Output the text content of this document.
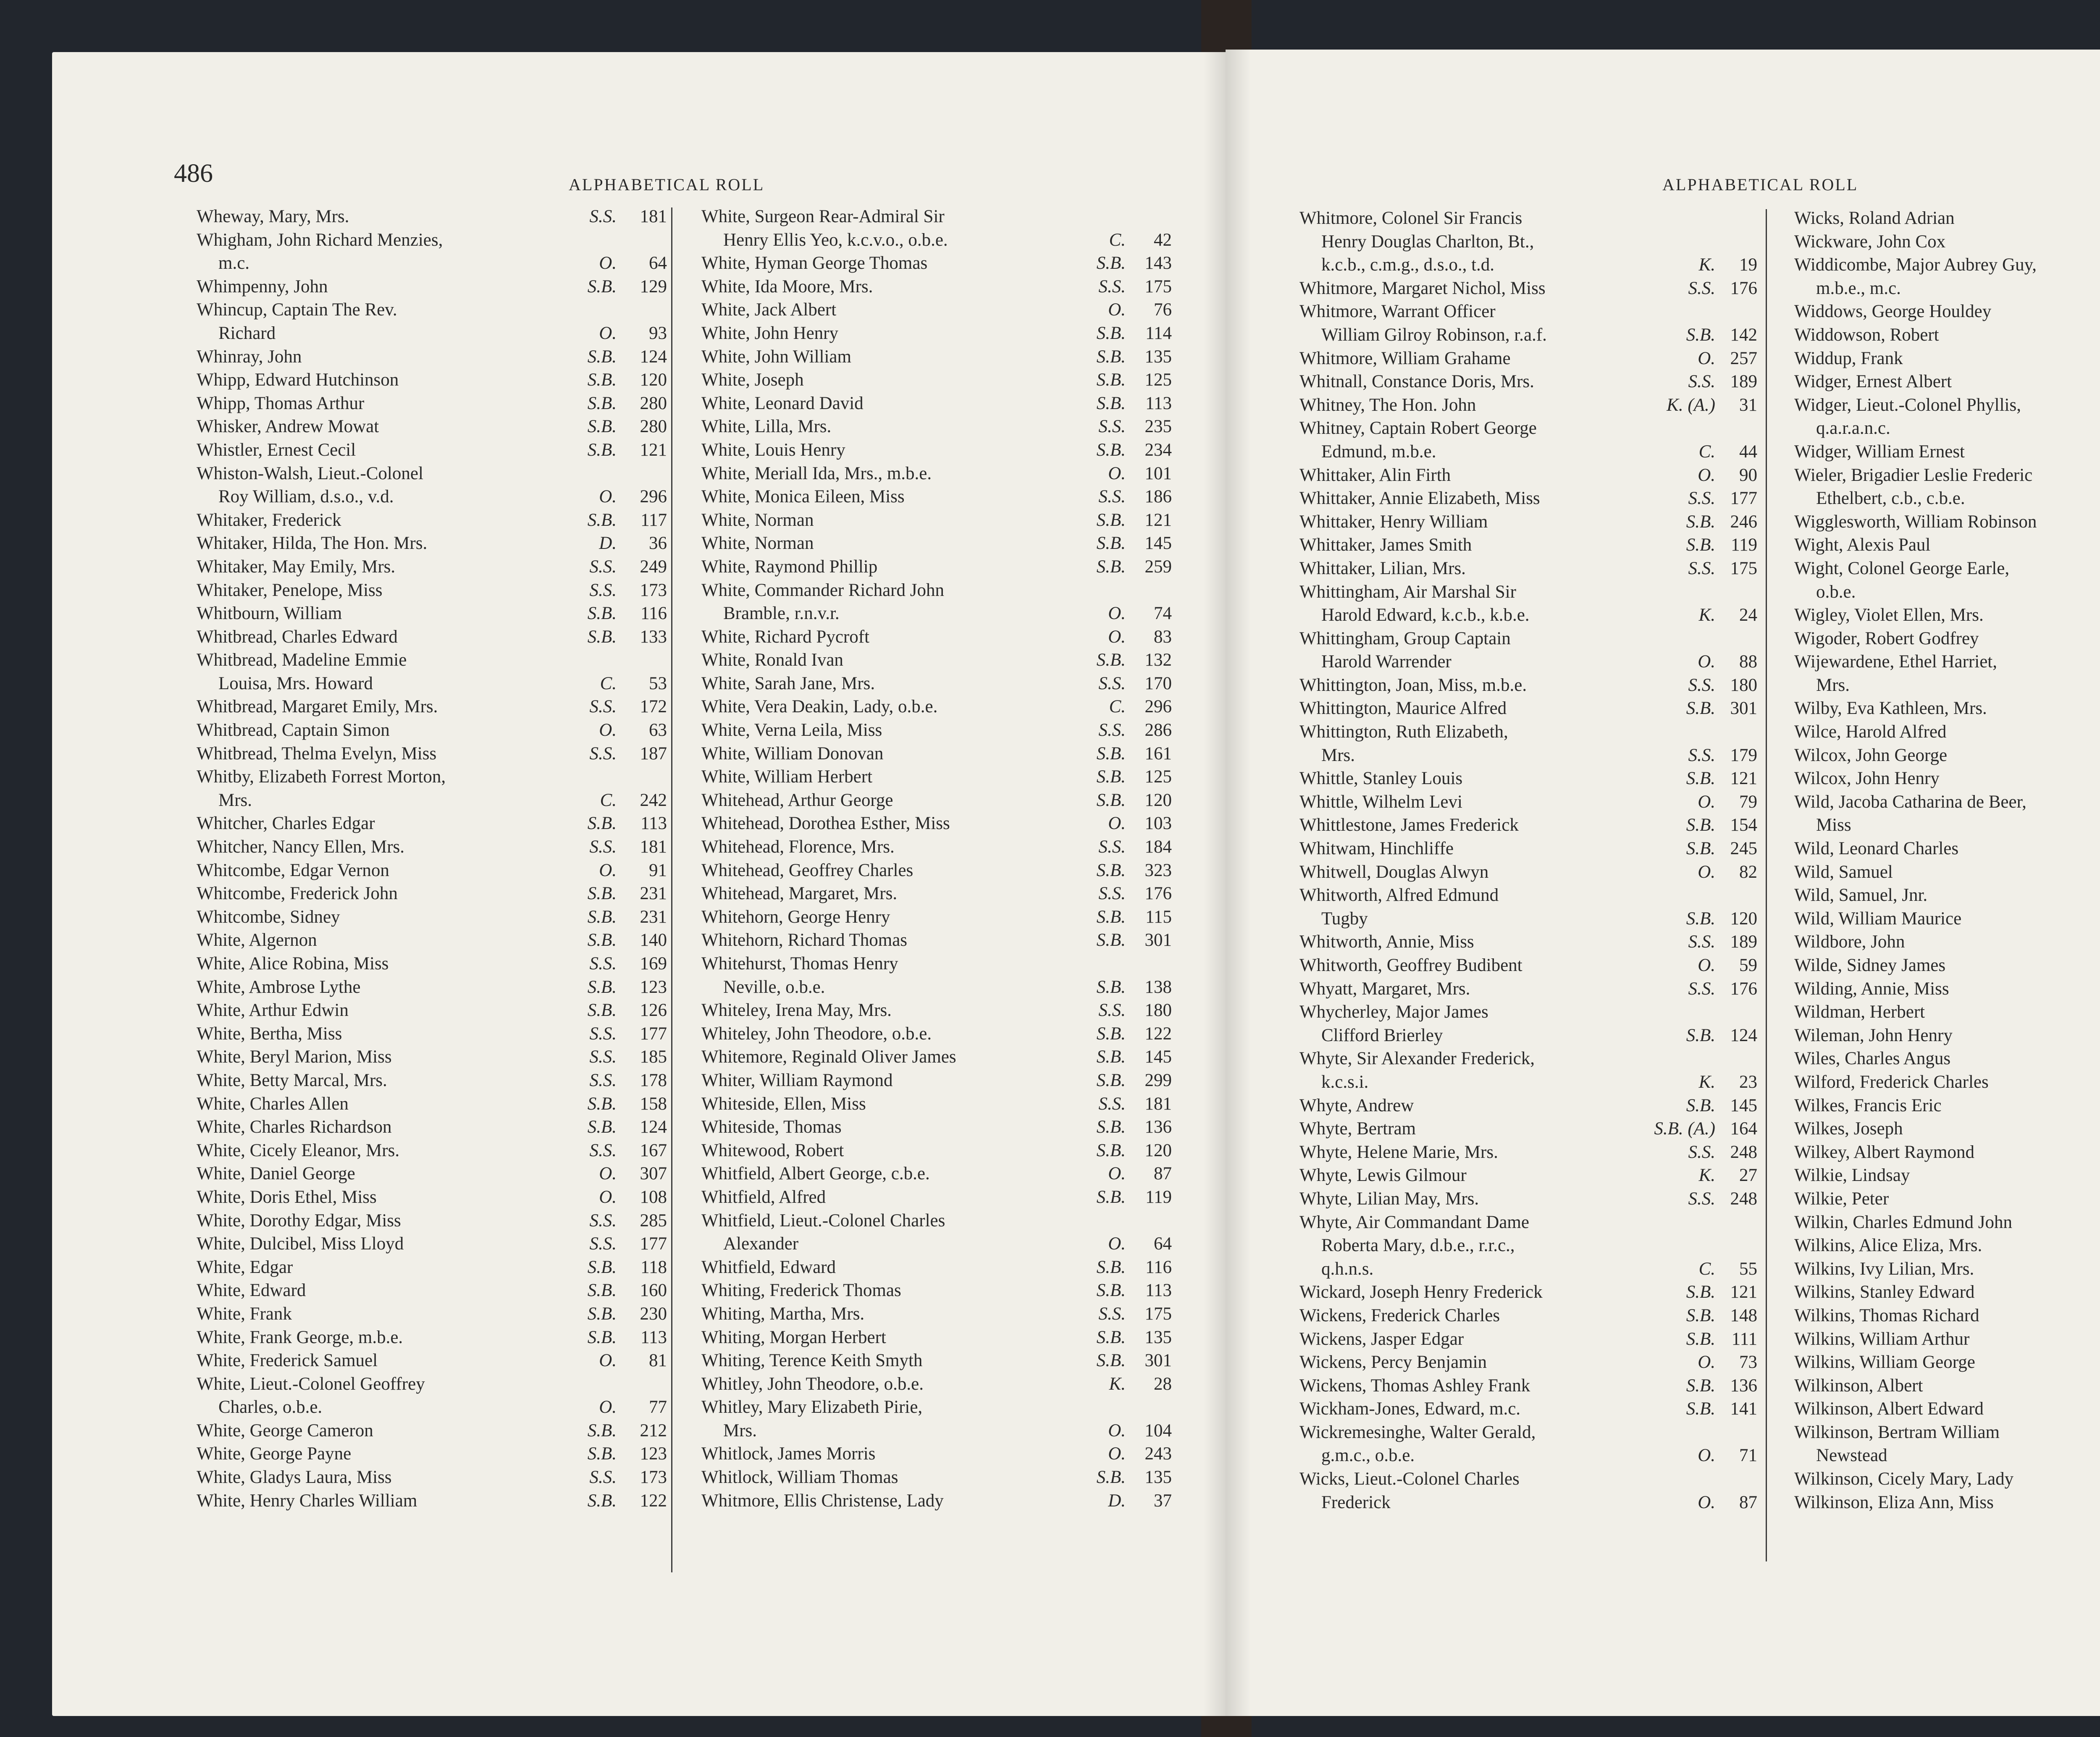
486	ALPHABETICAL ROLL
Wheway, Mary, Mrs.	S.S. 181
Whigham, John Richard Menzies,
m.c.	O. 64
Whimpenny, John	S.B. 129
Whincup, Captain The Rev.
Richard	O. 93
Whinray, John	S.B. 124
Whipp, Edward Hutchinson	S.B. 120
Whipp, Thomas Arthur	S.B. 280
Whisker, Andrew Mowat	S.B. 280
Whistler, Ernest Cecil	S.B. 121
Whiston-Walsh, Lieut.-Colonel
Roy William, d.s.o., v.d.	O. 296
Whitaker, Frederick	S.B. 117
Whitaker, Hilda, The Hon. Mrs.	D. 36
Whitaker, May Emily, Mrs.	S.S. 249
Whitaker, Penelope, Miss	S.S. 173
Whitbourn, William	S.B. 116
Whitbread, Charles Edward	S.B. 133
Whitbread, Madeline Emmie
Louisa, Mrs. Howard	C. 53
Whitbread, Margaret Emily, Mrs.	S.S. 172
Whitbread, Captain Simon	O. 63
Whitbread, Thelma Evelyn, Miss	S.S. 187
Whitby, Elizabeth Forrest Morton,
Mrs.	C. 242
Whitcher, Charles Edgar	S.B. 113
Whitcher, Nancy Ellen, Mrs.	S.S. 181
Whitcombe, Edgar Vernon	O. 91
Whitcombe, Frederick John	S.B. 231
Whitcombe, Sidney	S.B. 231
White, Algernon	S.B. 140
White, Alice Robina, Miss	S.S. 169
White, Ambrose Lythe	S.B. 123
White, Arthur Edwin	S.B. 126
White, Bertha, Miss	S.S. 177
White, Beryl Marion, Miss	S.S. 185
White, Betty Marcal, Mrs.	S.S. 178
White, Charles Allen	S.B. 158
White, Charles Richardson	S.B. 124
White, Cicely Eleanor, Mrs.	S.S. 167
White, Daniel George	O. 307
White, Doris Ethel, Miss	O. 108
White, Dorothy Edgar, Miss	S.S. 285
White, Dulcibel, Miss Lloyd	S.S. 177
White, Edgar	S.B. 118
White, Edward	S.B. 160
White, Frank	S.B. 230
White, Frank George, m.b.e.	S.B. 113
White, Frederick Samuel	O. 81
White, Lieut.-Colonel Geoffrey
Charles, o.b.e.	O. 77
White, George Cameron	S.B. 212
White, George Payne	S.B. 123
White, Gladys Laura, Miss	S.S. 173
White, Henry Charles William	S.B. 122
White, Surgeon Rear-Admiral Sir
Henry Ellis Yeo, k.c.v.o., o.b.e.	C. 42
White, Hyman George Thomas	S.B. 143
White, Ida Moore, Mrs.	S.S. 175
White, Jack Albert	O. 76
White, John Henry	S.B. 114
White, John William	S.B. 135
White, Joseph	S.B. 125
White, Leonard David	S.B. 113
White, Lilla, Mrs.	S.S. 235
White, Louis Henry	S.B. 234
White, Meriall Ida, Mrs., m.b.e.	O. 101
White, Monica Eileen, Miss	S.S. 186
White, Norman	S.B. 121
White, Norman	S.B. 145
White, Raymond Phillip	S.B. 259
White, Commander Richard John
Bramble, r.n.v.r.	O. 74
White, Richard Pycroft	O. 83
White, Ronald Ivan	S.B. 132
White, Sarah Jane, Mrs.	S.S. 170
White, Vera Deakin, Lady, o.b.e.	C. 296
White, Verna Leila, Miss	S.S. 286
White, William Donovan	S.B. 161
White, William Herbert	S.B. 125
Whitehead, Arthur George	S.B. 120
Whitehead, Dorothea Esther, Miss	O. 103
Whitehead, Florence, Mrs.	S.S. 184
Whitehead, Geoffrey Charles	S.B. 323
Whitehead, Margaret, Mrs.	S.S. 176
Whitehorn, George Henry	S.B. 115
Whitehorn, Richard Thomas	S.B. 301
Whitehurst, Thomas Henry
Neville, o.b.e.	S.B. 138
Whiteley, Irena May, Mrs.	S.S. 180
Whiteley, John Theodore, o.b.e.	S.B. 122
Whitemore, Reginald Oliver James	S.B. 145
Whiter, William Raymond	S.B. 299
Whiteside, Ellen, Miss	S.S. 181
Whiteside, Thomas	S.B. 136
Whitewood, Robert	S.B. 120
Whitfield, Albert George, c.b.e.	O. 87
Whitfield, Alfred	S.B. 119
Whitfield, Lieut.-Colonel Charles
Alexander	O. 64
Whitfield, Edward	S.B. 116
Whiting, Frederick Thomas	S.B. 113
Whiting, Martha, Mrs.	S.S. 175
Whiting, Morgan Herbert	S.B. 135
Whiting, Terence Keith Smyth	S.B. 301
Whitley, John Theodore, o.b.e.	K. 28
Whitley, Mary Elizabeth Pirie,
Mrs.	O. 104
Whitlock, James Morris	O. 243
Whitlock, William Thomas	S.B. 135
Whitmore, Ellis Christense, Lady	D. 37
ALPHABETICAL ROLL
Whitmore, Colonel Sir Francis
Henry Douglas Charlton, Bt.,
k.c.b., c.m.g., d.s.o., t.d.	K. 19
Whitmore, Margaret Nichol, Miss	S.S. 176
Whitmore, Warrant Officer
William Gilroy Robinson, r.a.f.	S.B. 142
Whitmore, William Grahame	O. 257
Whitnall, Constance Doris, Mrs.	S.S. 189
Whitney, The Hon. John	K. (A.) 31
Whitney, Captain Robert George
Edmund, m.b.e.	C. 44
Whittaker, Alin Firth	O. 90
Whittaker, Annie Elizabeth, Miss	S.S. 177
Whittaker, Henry William	S.B. 246
Whittaker, James Smith	S.B. 119
Whittaker, Lilian, Mrs.	S.S. 175
Whittingham, Air Marshal Sir
Harold Edward, k.c.b., k.b.e.	K. 24
Whittingham, Group Captain
Harold Warrender	O. 88
Whittington, Joan, Miss, m.b.e.	S.S. 180
Whittington, Maurice Alfred	S.B. 301
Whittington, Ruth Elizabeth,
Mrs.	S.S. 179
Whittle, Stanley Louis	S.B. 121
Whittle, Wilhelm Levi	O. 79
Whittlestone, James Frederick	S.B. 154
Whitwam, Hinchliffe	S.B. 245
Whitwell, Douglas Alwyn	O. 82
Whitworth, Alfred Edmund
Tugby	S.B. 120
Whitworth, Annie, Miss	S.S. 189
Whitworth, Geoffrey Budibent	O. 59
Whyatt, Margaret, Mrs.	S.S. 176
Whycherley, Major James
Clifford Brierley	S.B. 124
Whyte, Sir Alexander Frederick,
k.c.s.i.	K. 23
Whyte, Andrew	S.B. 145
Whyte, Bertram	S.B. (A.) 164
Whyte, Helene Marie, Mrs.	S.S. 248
Whyte, Lewis Gilmour	K. 27
Whyte, Lilian May, Mrs.	S.S. 248
Whyte, Air Commandant Dame
Roberta Mary, d.b.e., r.r.c.,
q.h.n.s.	C. 55
Wickard, Joseph Henry Frederick	S.B. 121
Wickens, Frederick Charles	S.B. 148
Wickens, Jasper Edgar	S.B. 111
Wickens, Percy Benjamin	O. 73
Wickens, Thomas Ashley Frank	S.B. 136
Wickham-Jones, Edward, m.c.	S.B. 141
Wickremesinghe, Walter Gerald,
g.m.c., o.b.e.	O. 71
Wicks, Lieut.-Colonel Charles
Frederick	O. 87
Wicks, Roland Adrian
Wickware, John Cox
Widdicombe, Major Aubrey Guy,
m.b.e., m.c.
Widdows, George Houldey
Widdowson, Robert
Widdup, Frank
Widger, Ernest Albert
Widger, Lieut.-Colonel Phyllis,
q.a.r.a.n.c.
Widger, William Ernest
Wieler, Brigadier Leslie Frederic
Ethelbert, c.b., c.b.e.
Wigglesworth, William Robinson
Wight, Alexis Paul
Wight, Colonel George Earle,
o.b.e.
Wigley, Violet Ellen, Mrs.
Wigoder, Robert Godfrey
Wijewardene, Ethel Harriet,
Mrs.
Wilby, Eva Kathleen, Mrs.
Wilce, Harold Alfred
Wilcox, John George
Wilcox, John Henry
Wild, Jacoba Catharina de Beer,
Miss
Wild, Leonard Charles
Wild, Samuel
Wild, Samuel, Jnr.
Wild, William Maurice
Wildbore, John
Wilde, Sidney James
Wilding, Annie, Miss
Wildman, Herbert
Wileman, John Henry
Wiles, Charles Angus
Wilford, Frederick Charles
Wilkes, Francis Eric
Wilkes, Joseph
Wilkey, Albert Raymond
Wilkie, Lindsay
Wilkie, Peter
Wilkin, Charles Edmund John
Wilkins, Alice Eliza, Mrs.
Wilkins, Ivy Lilian, Mrs.
Wilkins, Stanley Edward
Wilkins, Thomas Richard
Wilkins, William Arthur
Wilkins, William George
Wilkinson, Albert
Wilkinson, Albert Edward
Wilkinson, Bertram William
Newstead
Wilkinson, Cicely Mary, Lady
Wilkinson, Eliza Ann, Miss
